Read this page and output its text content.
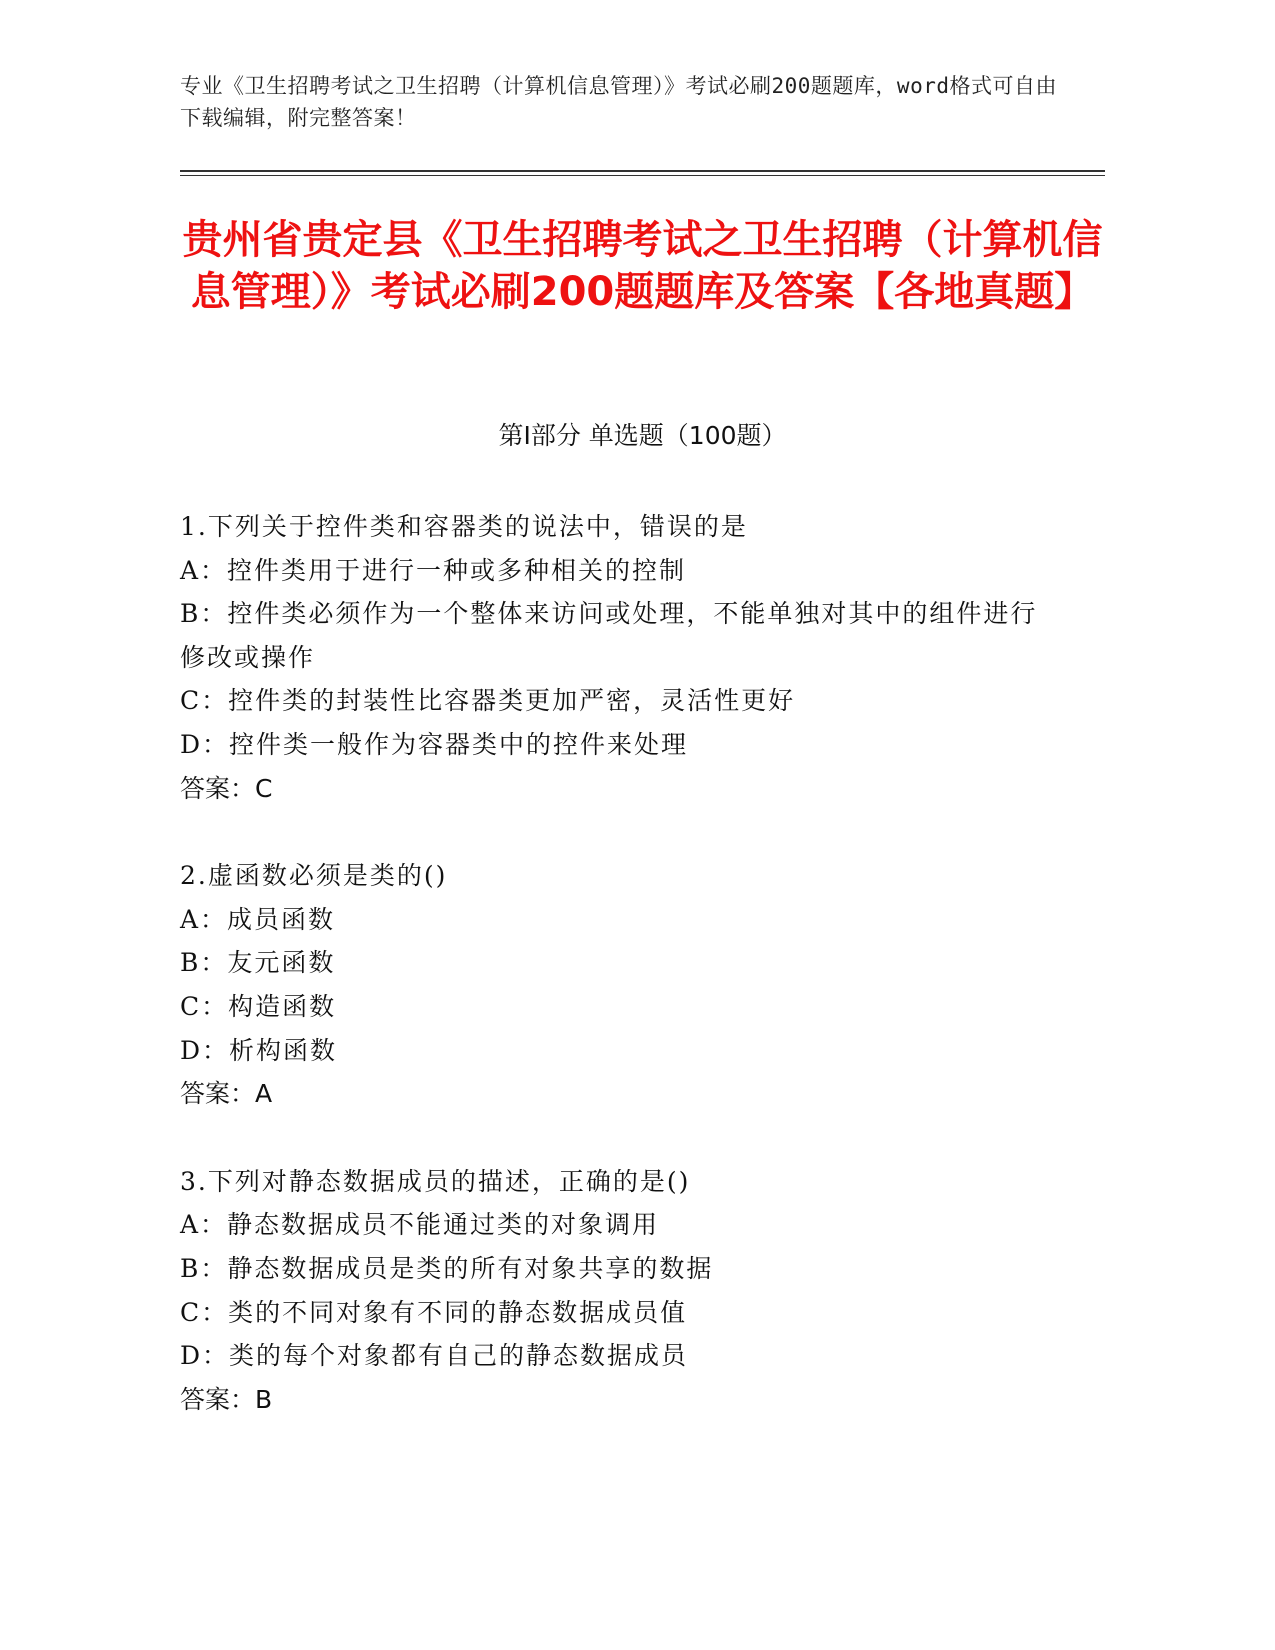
专业《卫生招聘考试之卫生招聘（计算机信息管理）》考试必刷200题题库，word格式可自由下载编辑，附完整答案！
贵州省贵定县《卫生招聘考试之卫生招聘（计算机信息管理）》考试必刷200题题库及答案【各地真题】
第Ⅰ部分 单选题（100题）
1.下列关于控件类和容器类的说法中，错误的是
A：控件类用于进行一种或多种相关的控制
B：控件类必须作为一个整体来访问或处理，不能单独对其中的组件进行修改或操作
C：控件类的封装性比容器类更加严密，灵活性更好
D：控件类一般作为容器类中的控件来处理
答案：C
2.虚函数必须是类的()
A：成员函数
B：友元函数
C：构造函数
D：析构函数
答案：A
3.下列对静态数据成员的描述，正确的是()
A：静态数据成员不能通过类的对象调用
B：静态数据成员是类的所有对象共享的数据
C：类的不同对象有不同的静态数据成员值
D：类的每个对象都有自己的静态数据成员
答案：B
